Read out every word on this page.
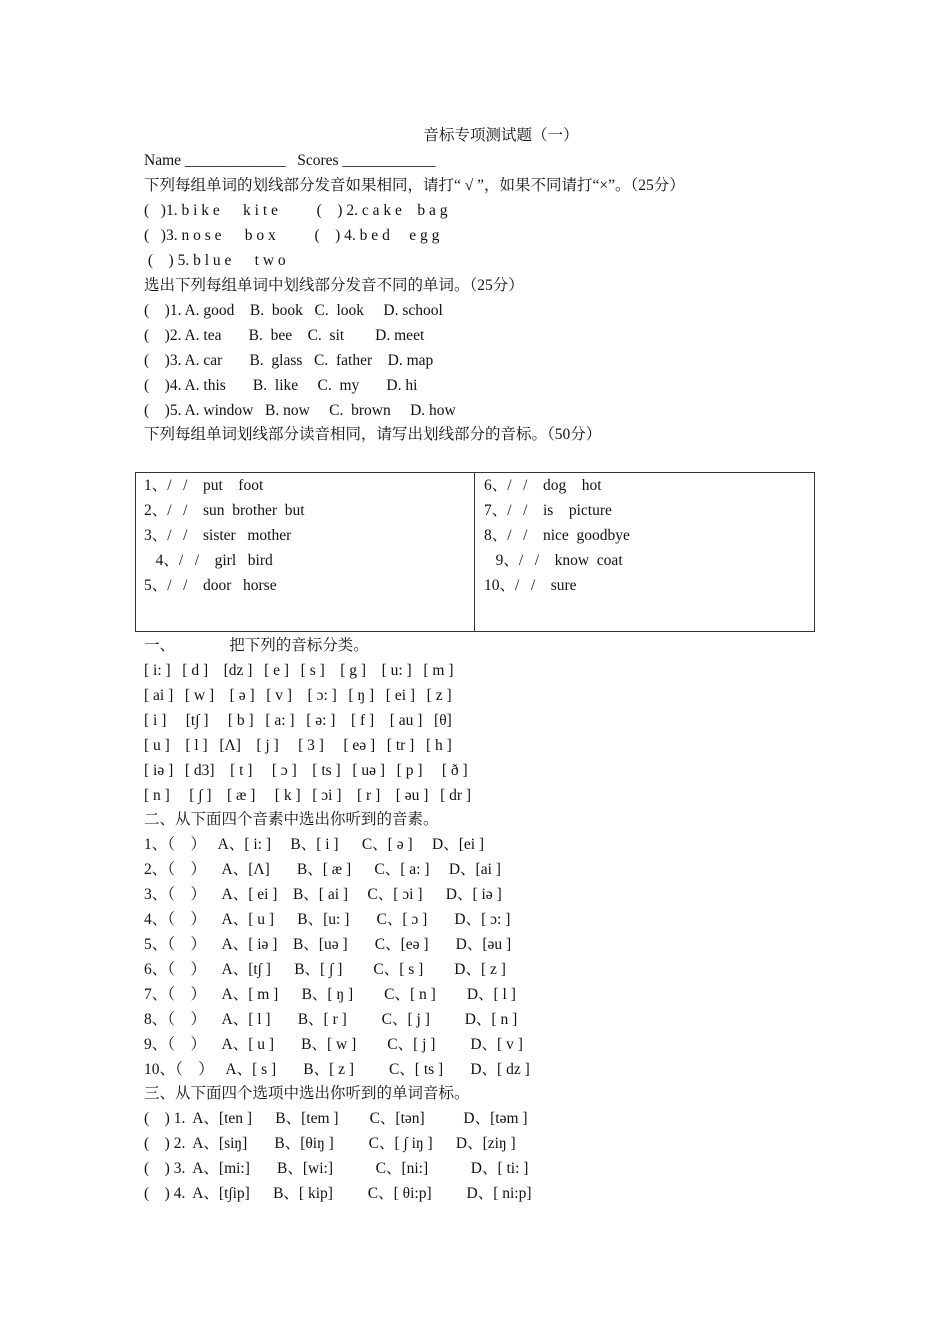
音标专项测试题（一）
Name _____________   Scores ____________
下列每组单词的划线部分发音如果相同，请打“ √ ”，如果不同请打“×”。（25分）
(   )1. b i k e      k i t e          (    ) 2. c a k e    b a g
(   )3. n o s e      b o x          (    ) 4. b e d     e g g
(    ) 5. b l u e      t w o
选出下列每组单词中划线部分发音不同的单词。（25分）
(    )1. A. good    B.  book   C.  look     D. school
(    )2. A. tea       B.  bee    C.  sit        D. meet
(    )3. A. car       B.  glass   C.  father    D. map
(    )4. A. this       B.  like     C.  my       D. hi
(    )5. A. window   B. now     C.  brown     D. how
下列每组单词划线部分读音相同，请写出划线部分的音标。（50分）
1、/   /    put    foot
2、/   /    sun  brother  but
3、/   /    sister   mother
4、/   /    girl   bird
5、/   /    door   horse
6、/   /    dog    hot
7、/   /    is    picture
8、/   /    nice  goodbye
9、/   /    know  coat
10、/   /    sure
一、              把下列的音标分类。
[ i: ]   [ d ]    [dz ]   [ e ]   [ s ]    [ g ]    [ u: ]   [ m ]
[ ai ]   [ w ]    [ ə ]   [ v ]    [ ɔ: ]   [ ŋ ]   [ ei ]   [ z ]
[ i ]     [t∫ ]     [ b ]   [ a: ]   [ ə: ]    [ f ]    [ au ]   [θ]
[ u ]    [ l ]   [Λ]    [ j ]     [ 3 ]     [ eə ]   [ tr ]   [ h ]
[ iə ]   [ d3]    [ t ]     [ ɔ ]    [ ts ]   [ uə ]   [ p ]     [ ð ]
[ n ]     [ ∫ ]    [ æ ]     [ k ]   [ ɔi ]    [ r ]    [ əu ]   [ dr ]
二、从下面四个音素中选出你听到的音素。
1、（    ）   A、[ i: ]     B、[ i ]      C、[ ə ]     D、[ei ]
2、（    ）    A、[Λ]       B、[ æ ]      C、[ a: ]     D、[ai ]
3、（    ）    A、[ ei ]    B、[ ai ]     C、[ ɔi ]      D、[ iə ]
4、（    ）    A、[ u ]      B、[u: ]       C、[ ɔ ]       D、[ ɔ: ]
5、（    ）    A、[ iə ]    B、[uə ]       C、[eə ]       D、[əu ]
6、（    ）    A、[t∫ ]      B、[ ∫ ]        C、[ s ]        D、[ z ]
7、（    ）    A、[ m ]      B、[ ŋ ]        C、[ n ]        D、[ l ]
8、（    ）    A、[ l ]       B、[ r ]         C、[ j ]         D、[ n ]
9、（    ）    A、[ u ]       B、[ w ]        C、[ j ]         D、[ v ]
10、（    ）   A、[ s ]       B、[ z ]         C、[ ts ]       D、[ dz ]
三、从下面四个选项中选出你听到的单词音标。
(    ) 1.  A、[ten ]      B、[tem ]        C、[tən]          D、[təm ]
(    ) 2.  A、[siŋ]       B、[θiŋ ]         C、[ ∫ iŋ ]      D、[ziŋ ]
(    ) 3.  A、[mi:]       B、[wi:]           C、[ni:]           D、[ ti: ]
(    ) 4.  A、[t∫ip]      B、[ kip]         C、[ θi:p]         D、[ ni:p]
